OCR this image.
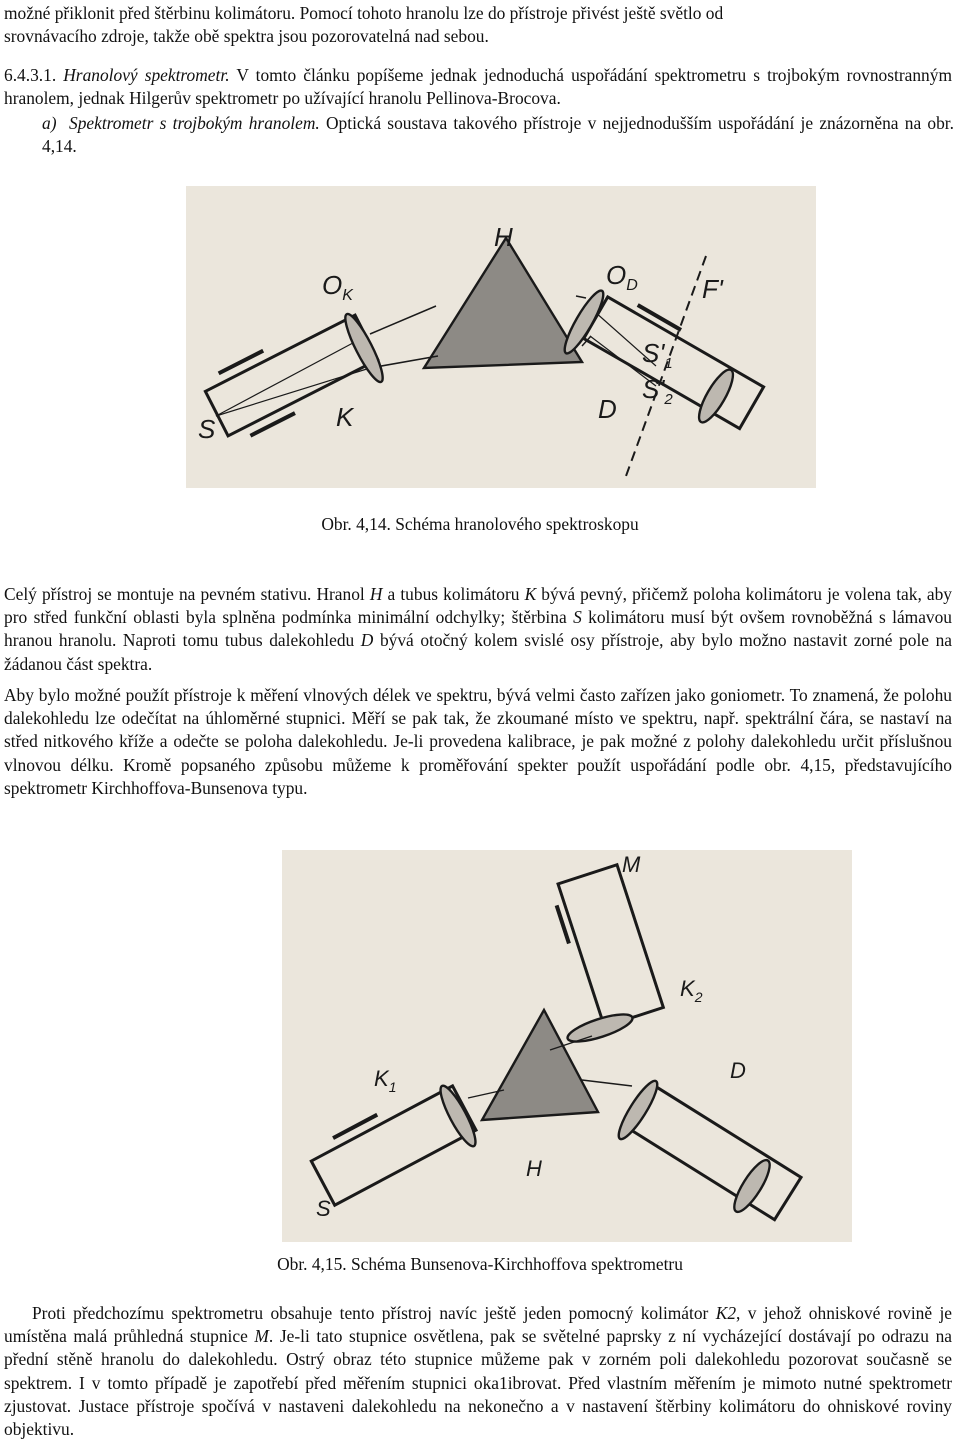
možné přiklonit před štěrbinu kolimátoru. Pomocí tohoto hranolu lze do přístroje přivést ještě světlo od
srovnávacího zdroje, takže obě spektra jsou pozorovatelná nad sebou.

6.4.3.1. Hranolový spektrometr. V tomto článku popíšeme jednak jednoduchá uspořádání spektrometru s trojbokým rovnostranným hranolem, jednak Hilgerův spektrometr po užívající hranolu Pellinova-Brocova.

a) Spektrometr s trojbokým hranolem. Optická soustava takového přístroje v nejjednodušším uspořádání je znázorněna na obr. 4,14.

H
$O_K$
$O_D$ F'
$S'_1$
$S'_2$
S	K	D
Obr. 4,14. Schéma hranolového spektroskopu

Celý přístroj se montuje na pevném stativu. Hranol H a tubus kolimátoru K bývá pevný, přičemž poloha kolimátoru je volena tak, aby pro střed funkční oblasti byla splněna podmínka minimální odchylky; štěrbina S kolimátoru musí být ovšem rovnoběžná s lámavou hranou hranolu. Naproti tomu tubus dalekohledu D bývá otočný kolem svislé osy přístroje, aby bylo možno nastavit zorné pole na žádanou část spektra.

Aby bylo možné použít přístroje k měření vlnových délek ve spektru, bývá velmi často zařízen jako goniometr. To znamená, že polohu dalekohledu lze odečítat na úhloměrné stupnici. Měří se pak tak, že zkoumané místo ve spektru, např. spektrální čára, se nastaví na střed nitkového kříže a odečte se poloha dalekohledu. Je-li provedena kalibrace, je pak možné z polohy dalekohledu určit příslušnou vlnovou délku. Kromě popsaného způsobu můžeme k proměřování spekter použít uspořádání podle obr. 4,15, představujícího spektrometr Kirchhoffova-Bunsenova typu.

M
$K_2$
$K_1$
D
H
S
Obr. 4,15. Schéma Bunsenova-Kirchhoffova spektrometru

Proti předchozímu spektrometru obsahuje tento přístroj navíc ještě jeden pomocný kolimátor K2, v jehož ohniskové rovině je umístěna malá průhledná stupnice M. Je-li tato stupnice osvětlena, pak se světelné paprsky z ní vycházející dostávají po odrazu na přední stěně hranolu do dalekohledu. Ostrý obraz této stupnice můžeme pak v zorném poli dalekohledu pozorovat současně se spektrem. I v tomto případě je zapotřebí před měřením stupnici oka1ibrovat. Před vlastním měřením je mimoto nutné spektrometr zjustovat. Justace přístroje spočívá v nastaveni dalekohledu na nekonečno a v nastavení štěrbiny kolimátoru do ohniskové roviny objektivu.
